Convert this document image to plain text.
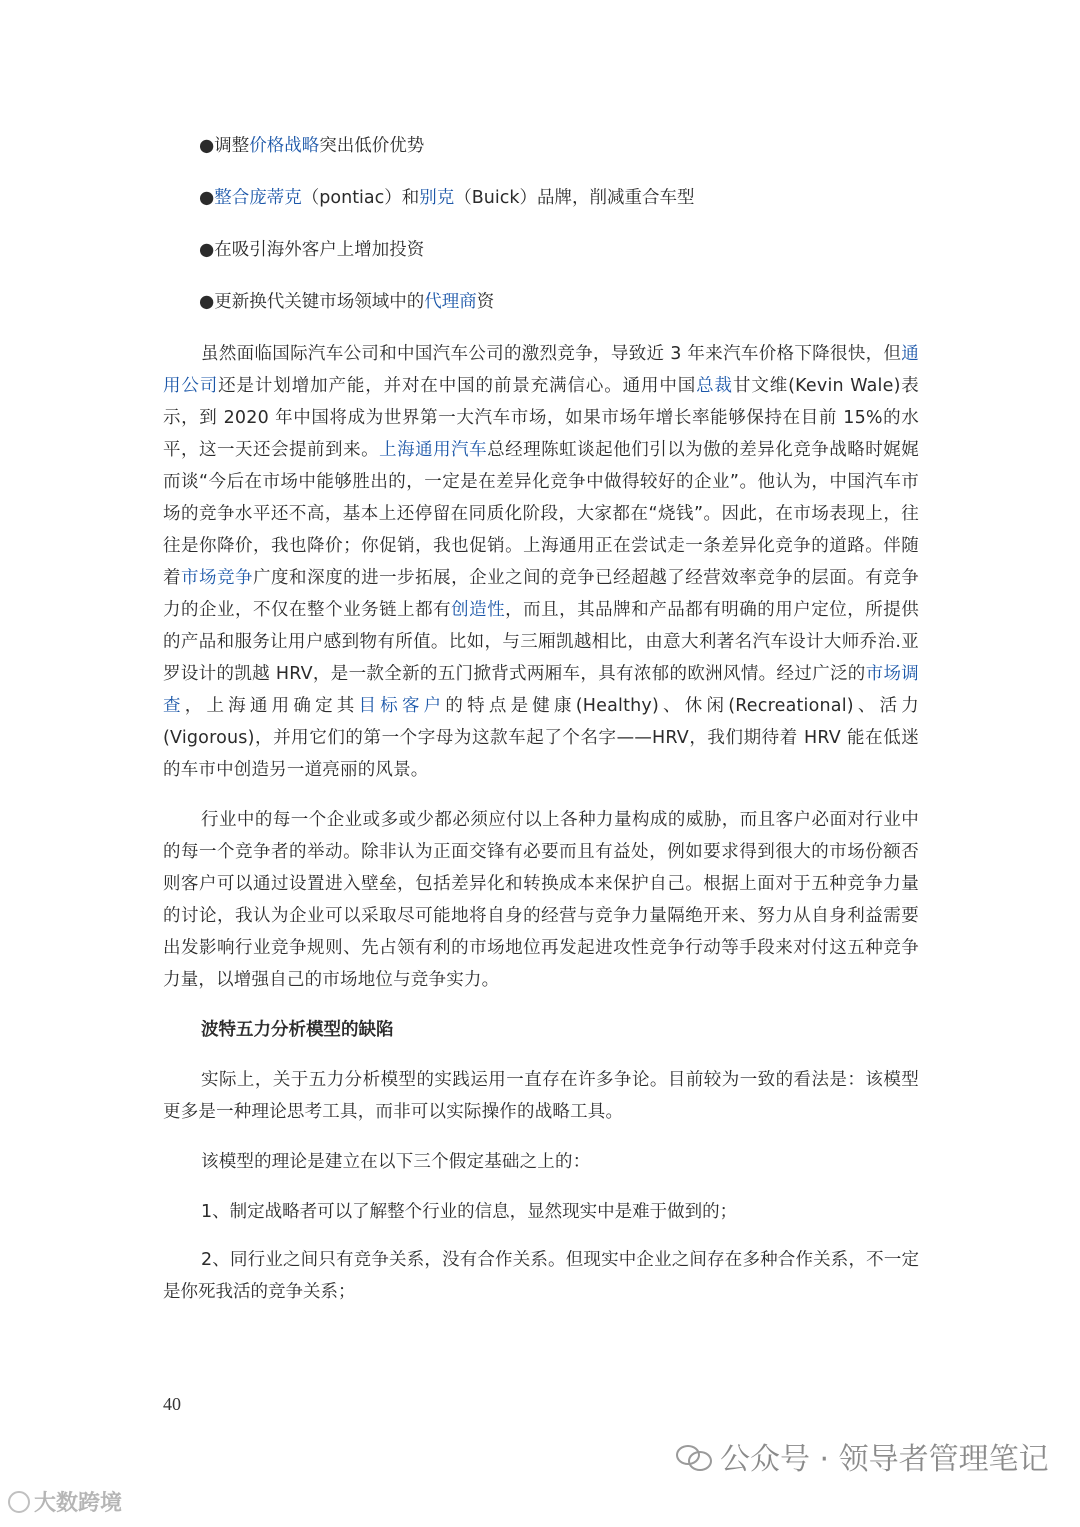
●调整价格战略突出低价优势
●整合庞蒂克（pontiac）和别克（Buick）品牌，削减重合车型
●在吸引海外客户上增加投资
●更新换代关键市场领域中的代理商资

虽然面临国际汽车公司和中国汽车公司的激烈竞争，导致近 3 年来汽车价格下降很快，但通用公司还是计划增加产能，并对在中国的前景充满信心。通用中国总裁甘文维(Kevin Wale)表示，到 2020 年中国将成为世界第一大汽车市场，如果市场年增长率能够保持在目前 15%的水平，这一天还会提前到来。上海通用汽车总经理陈虹谈起他们引以为傲的差异化竞争战略时娓娓而谈“今后在市场中能够胜出的，一定是在差异化竞争中做得较好的企业”。他认为，中国汽车市场的竞争水平还不高，基本上还停留在同质化阶段，大家都在“烧钱”。因此，在市场表现上，往往是你降价，我也降价；你促销，我也促销。上海通用正在尝试走一条差异化竞争的道路。伴随着市场竞争广度和深度的进一步拓展，企业之间的竞争已经超越了经营效率竞争的层面。有竞争力的企业，不仅在整个业务链上都有创造性，而且，其品牌和产品都有明确的用户定位，所提供的产品和服务让用户感到物有所值。比如，与三厢凯越相比，由意大利著名汽车设计大师乔治.亚罗设计的凯越 HRV，是一款全新的五门掀背式两厢车，具有浓郁的欧洲风情。经过广泛的市场调查，上海通用确定其目标客户的特点是健康(Healthy)、休闲(Recreational)、活力(Vigorous)，并用它们的第一个字母为这款车起了个名字——HRV，我们期待着 HRV 能在低迷的车市中创造另一道亮丽的风景。

行业中的每一个企业或多或少都必须应付以上各种力量构成的威胁，而且客户必面对行业中的每一个竞争者的举动。除非认为正面交锋有必要而且有益处，例如要求得到很大的市场份额否则客户可以通过设置进入壁垒，包括差异化和转换成本来保护自己。根据上面对于五种竞争力量的讨论，我认为企业可以采取尽可能地将自身的经营与竞争力量隔绝开来、努力从自身利益需要出发影响行业竞争规则、先占领有利的市场地位再发起进攻性竞争行动等手段来对付这五种竞争力量，以增强自己的市场地位与竞争实力。

波特五力分析模型的缺陷

实际上，关于五力分析模型的实践运用一直存在许多争论。目前较为一致的看法是：该模型更多是一种理论思考工具，而非可以实际操作的战略工具。

该模型的理论是建立在以下三个假定基础之上的：

1、制定战略者可以了解整个行业的信息，显然现实中是难于做到的；

2、同行业之间只有竞争关系，没有合作关系。但现实中企业之间存在多种合作关系，不一定是你死我活的竞争关系；

40
公众号 · 领导者管理笔记
大数跨境
